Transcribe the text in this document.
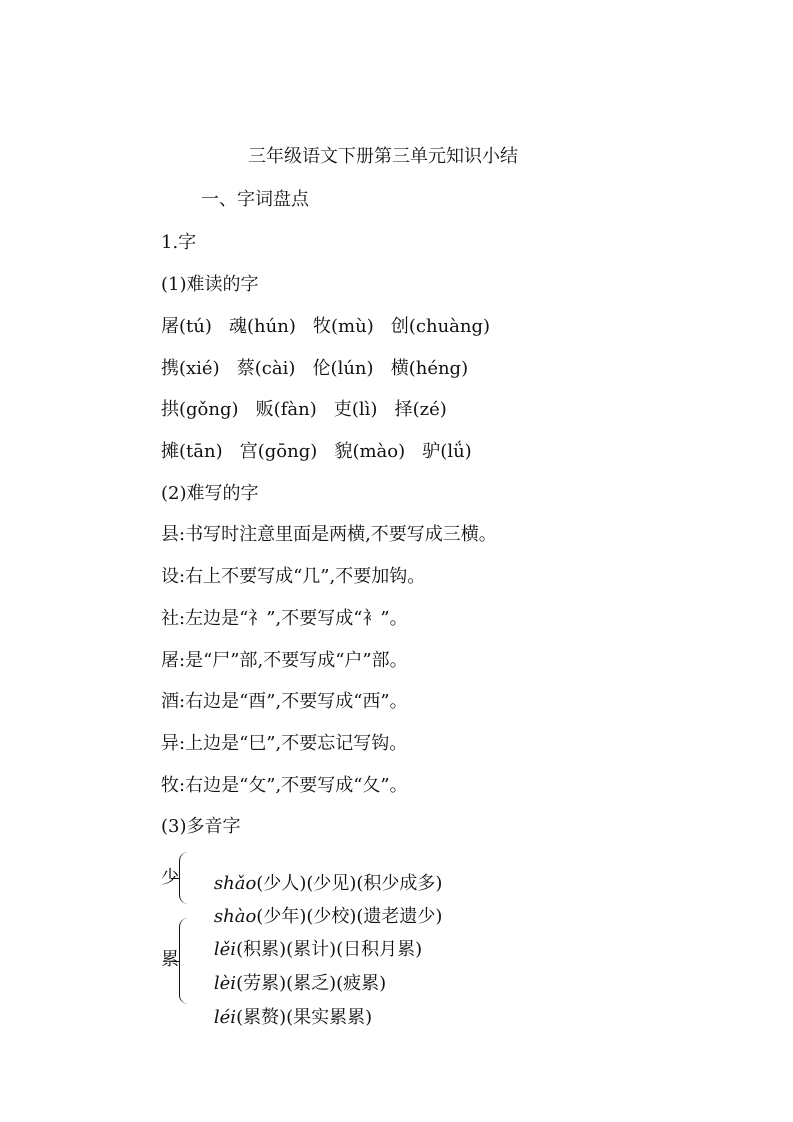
三年级语文下册第三单元知识小结
一、字词盘点
1.字
(1)难读的字
屠(tú)   魂(hún)   牧(mù)   创(chuàng)
携(xié)   蔡(cài)   伦(lún)   横(héng)
拱(gǒng)   贩(fàn)   吏(lì)   择(zé)
摊(tān)   宫(gōng)   貌(mào)   驴(lǘ)
(2)难写的字
县:书写时注意里面是两横,不要写成三横。
设:右上不要写成“几”,不要加钩。
社:左边是“礻”,不要写成“衤”。
屠:是“尸”部,不要写成“户”部。
酒:右边是“酉”,不要写成“西”。
异:上边是“巳”,不要忘记写钩。
牧:右边是“攵”,不要写成“夂”。
(3)多音字
少	shǎo(少人)(少见)(积少成多)

shào(少年)(少校)(遗老遗少)

累	lěi(积累)(累计)(日积月累)

lèi(劳累)(累乏)(疲累)

léi(累赘)(果实累累)
